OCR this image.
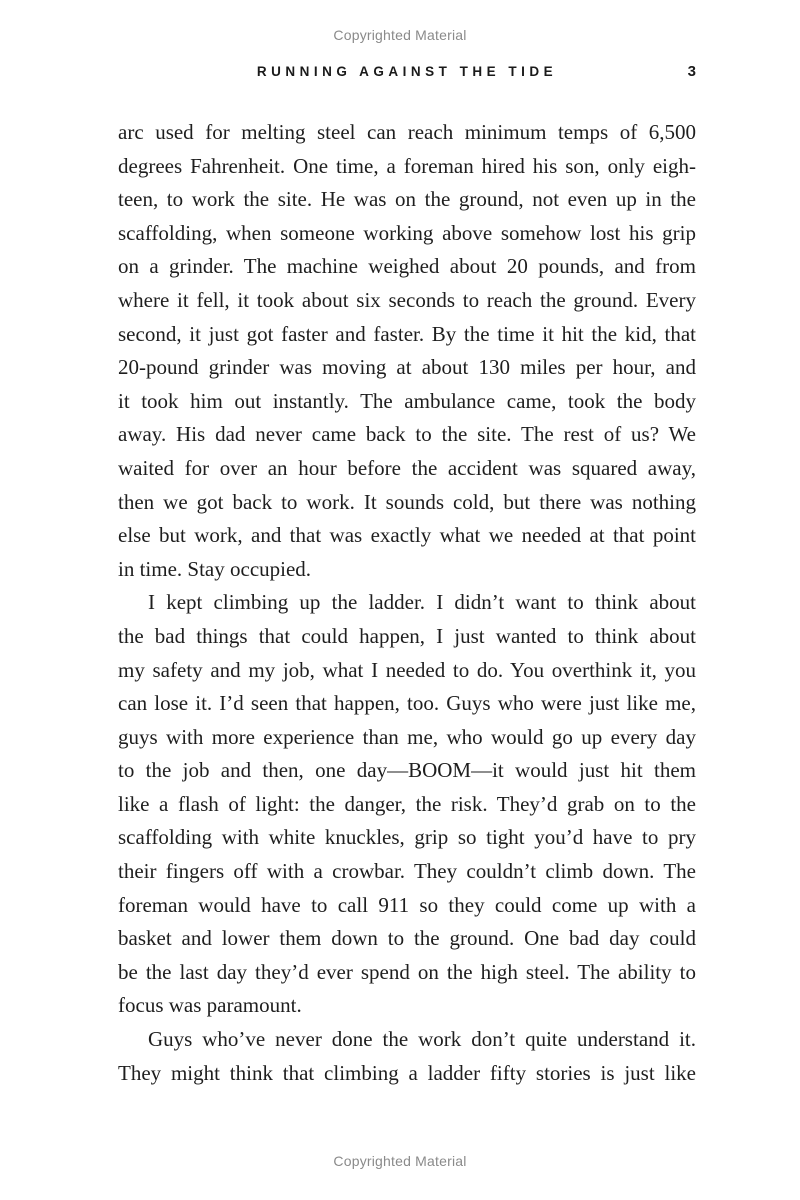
Copyrighted Material
RUNNING AGAINST THE TIDE	3
arc used for melting steel can reach minimum temps of 6,500
degrees Fahrenheit. One time, a foreman hired his son, only eigh-
teen, to work the site. He was on the ground, not even up in the
scaffolding, when someone working above somehow lost his grip
on a grinder. The machine weighed about 20 pounds, and from
where it fell, it took about six seconds to reach the ground. Every
second, it just got faster and faster. By the time it hit the kid, that
20-pound grinder was moving at about 130 miles per hour, and
it took him out instantly. The ambulance came, took the body
away. His dad never came back to the site. The rest of us? We
waited for over an hour before the accident was squared away,
then we got back to work. It sounds cold, but there was nothing
else but work, and that was exactly what we needed at that point
in time. Stay occupied.
I kept climbing up the ladder. I didn’t want to think about
the bad things that could happen, I just wanted to think about
my safety and my job, what I needed to do. You overthink it, you
can lose it. I’d seen that happen, too. Guys who were just like me,
guys with more experience than me, who would go up every day
to the job and then, one day—BOOM—it would just hit them
like a flash of light: the danger, the risk. They’d grab on to the
scaffolding with white knuckles, grip so tight you’d have to pry
their fingers off with a crowbar. They couldn’t climb down. The
foreman would have to call 911 so they could come up with a
basket and lower them down to the ground. One bad day could
be the last day they’d ever spend on the high steel. The ability to
focus was paramount.
Guys who’ve never done the work don’t quite understand it.
They might think that climbing a ladder fifty stories is just like
Copyrighted Material
